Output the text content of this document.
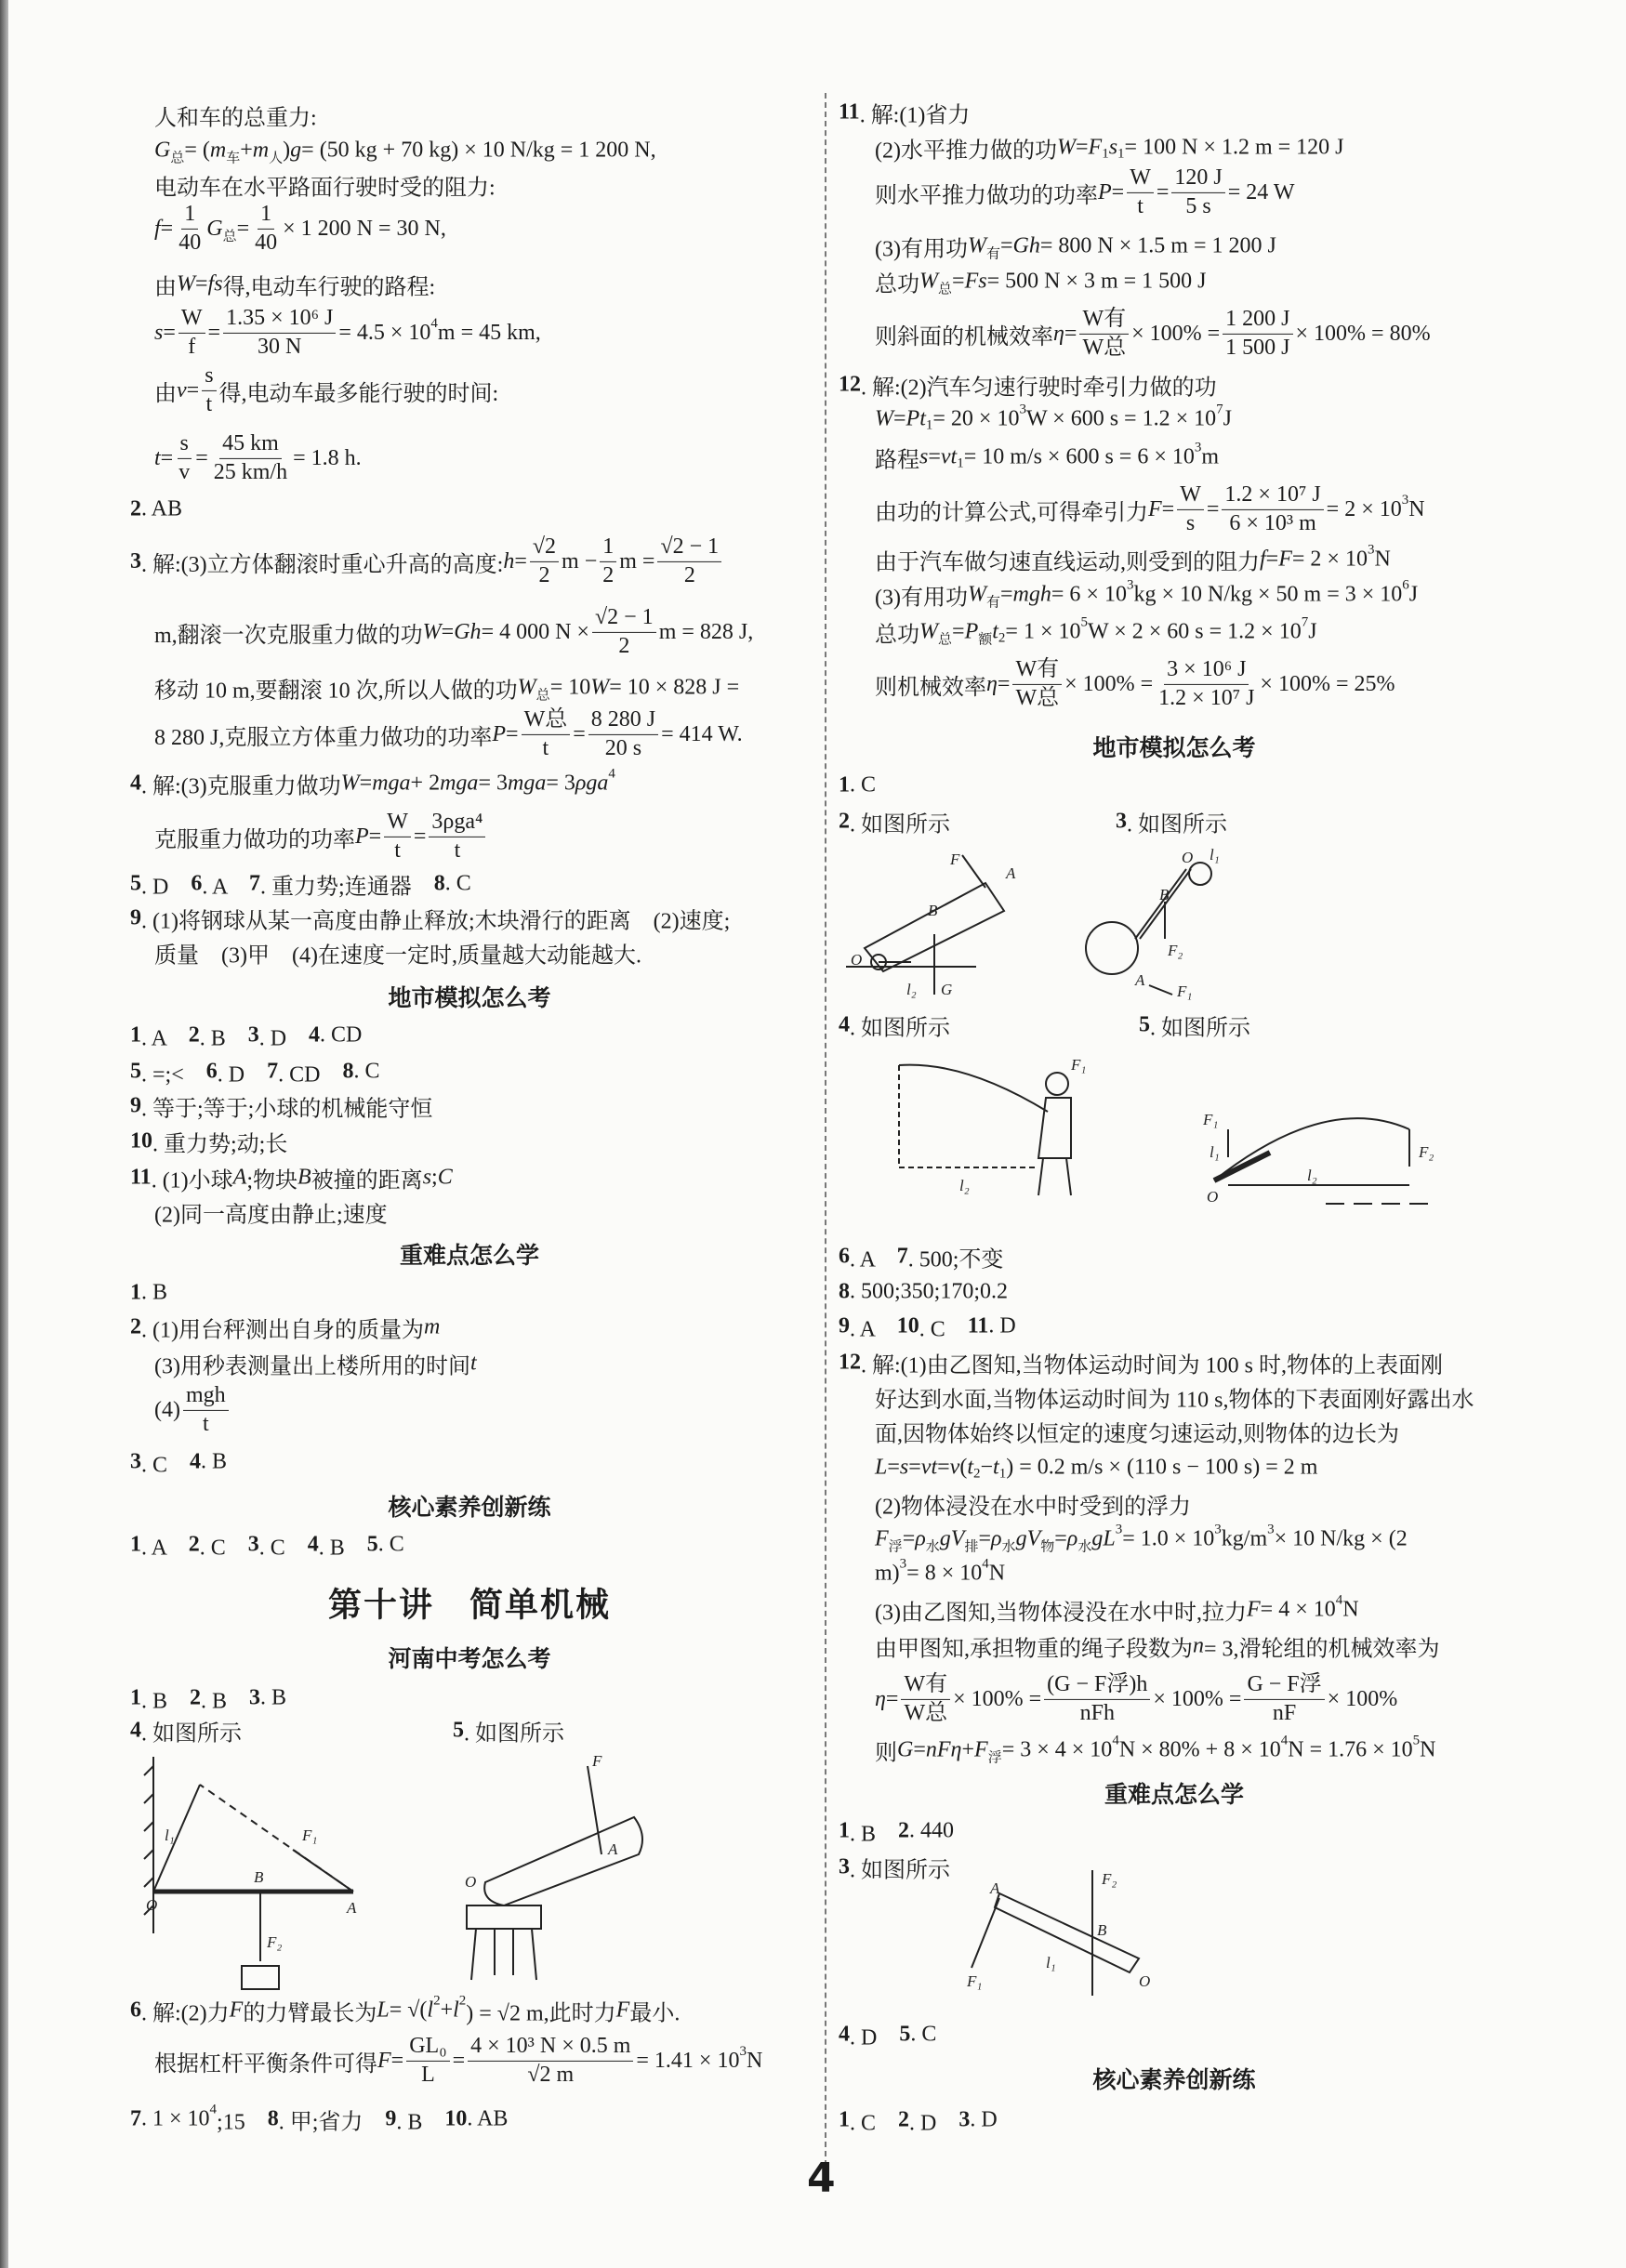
人和车的总重力:
G 总 = ( m 车 + m 人 ) g = (50 kg + 70 kg) × 10 N/kg = 1 200 N,
电动车在水平路面行驶时受的阻力:
$f = \frac{1}{40}$ G 总 = $\frac{1}{40} \times 1$ 200 N = 30 N,
由 W = fs 得,电动车行驶的路程:
$s = \frac{W}{f} = \frac{\text{1.35 × 10⁶ J}}{30 N} = 4.5 \times 10$ 4 m = 45 km,
由 $v = \frac{s}{t}$ 得,电动车最多能行驶的时间:
$t = \frac{s}{v} = \frac{45 km}{25 km/h} = 1.8$ h.
2 . AB
3 . 解:(3)立方体翻滚时重心升高的高度: $h = \frac{√2}{2}$ $m - \frac{1}{2}$ $m = \frac{√2 - 1}{2}$
m,翻滚一次克服重力做的功 W = Gh = 4 000 $N \times \frac{√2 - 1}{2}$ m = 828 J,
移动 10 m,要翻滚 10 次,所以人做的功 W 总 = 10 W = 10 × 828 J =
8 280 J,克服立方体重力做功的功率 $P = \frac{\text{W总}}{t} = \frac{8 280 J}{20 s} = 414$ W.
4 . 解:(3)克服重力做功 W = mga + 2 mga = 3 mga = 3 ρga 4
克服重力做功的功率 $P = \frac{W}{t} = \frac{\text{3ρga⁴}}{t}$
5 . D　 6 . A　 7 . 重力势;连通器　 8 . C
9 . (1)将钢球从某一高度由静止释放;木块滑行的距离　(2)速度;
质量　(3)甲　(4)在速度一定时,质量越大动能越大.
地市模拟怎么考
1 . A　 2 . B　 3 . D　 4 . CD
5 . =;<　 6 . D　 7 . CD　 8 . C
9 . 等于;等于;小球的机械能守恒
10 . 重力势;动;长
11 . (1)小球 A ;物块 B 被撞的距离 s ; C
(2)同一高度由静止;速度
重难点怎么学
1 . B
2 . (1)用台秤测出自身的质量为 m
(3)用秒表测量出上楼所用的时间 t
$(4) \frac{\text{mgh}}{t}$
3 . C　 4 . B
核心素养创新练
1 . A　 2 . C　 3 . C　 4 . B　 5 . C
第十讲　简单机械
河南中考怎么考
1 . B　 2 . B　 3 . B
4 . 如图所示	5 . 如图所示
6 . 解:(2)力 F 的力臂最长为 L = √( l 2 + l 2
) = √2 m,此时力 F 最小.
根据杠杆平衡条件可得 $F = \frac{\text{GL₀}}{L} = \frac{\text{4 × 10³ N × 0.5 m}}{√2 m} = 1.41 \times 10$ 3 N
7 . 1 × 10 4
;15　 8 . 甲;省力　 9 . B　 10 . AB
11 . 解:(1)省力
(2)水平推力做的功 W = F 1 s 1 = 100 N × 1.2 m = 120 J
则水平推力做功的功率 $P = \frac{W}{t} = \frac{120 J}{5 s} = 24$ W
(3)有用功 W 有 = Gh = 800 N × 1.5 m = 1 200 J
总功 W 总 = Fs = 500 N × 3 m = 1 500 J
则斜面的机械效率 $\eta = \frac{\text{W有}}{\text{W总}} \times 100\% = \frac{1 200 J}{1 500 J} \times 100\% = 80\%$
12 . 解:(2)汽车匀速行驶时牵引力做的功
W = Pt 1 = 20 × 10 3 W × 600 s = 1.2 × 10 7 J
路程 s = vt 1 = 10 m/s × 600 s = 6 × 10 3 m
由功的计算公式,可得牵引力 $F = \frac{W}{s} = \frac{\text{1.2 × 10⁷ J}}{\text{6 × 10³ m}} = 2 \times 10$ 3 N
由于汽车做匀速直线运动,则受到的阻力 f = F = 2 × 10 3 N
(3)有用功 W 有 = mgh = 6 × 10 3 kg × 10 N/kg × 50 m = 3 × 10 6 J
总功 W 总 = P 额 t 2 = 1 × 10 5 W × 2 × 60 s = 1.2 × 10 7 J
则机械效率 $\eta = \frac{\text{W有}}{\text{W总}} \times 100\% = \frac{\text{3 × 10⁶ J}}{\text{1.2 × 10⁷ J}} \times 100\% = 25\%$
地市模拟怎么考
1 . C
2 . 如图所示	3 . 如图所示
4 . 如图所示	5 . 如图所示
6 . A　 7 . 500;不变
8 . 500;350;170;0.2
9 . A　 10 . C　 11 . D
12 . 解:(1)由乙图知,当物体运动时间为 100 s 时,物体的上表面刚
好达到水面,当物体运动时间为 110 s,物体的下表面刚好露出水
面,因物体始终以恒定的速度匀速运动,则物体的边长为
L = s = vt = v ( t 2 − t 1 ) = 0.2 m/s × (110 s − 100 s) = 2 m
(2)物体浸没在水中时受到的浮力
F 浮 = ρ 水 gV 排 = ρ 水 gV 物 = ρ 水 gL 3 = 1.0 × 10 3 kg/m 3 × 10 N/kg × (2
m) 3 = 8 × 10 4 N
(3)由乙图知,当物体浸没在水中时,拉力 F = 4 × 10 4 N
由甲图知,承担物重的绳子段数为 n = 3,滑轮组的机械效率为
$\eta = \frac{\text{W有}}{\text{W总}} \times 100\% = \frac{\text{(G − F浮)h}}{\text{nFh}} \times 100\% = \frac{\text{G − F浮}}{nF} \times 100\%$
则 G = nFη + F 浮 = 3 × 4 × 10 4 N × 80% + 8 × 10 4 N = 1.76 × 10 5 N
重难点怎么学
1 . B　 2 . 440
3 . 如图所示
4 . D　 5 . C
核心素养创新练
1 . C　 2 . D　 3 . D
l₁	F₁
O
B
A
F₂
F
O
A
F
A
B
O
l₂ G
O l₁
B
F₂
A
F₁
F₁
l₂
F₁
l₁
O
l₂
F₂
F₂
A
B
F₁
l₁
O
4
